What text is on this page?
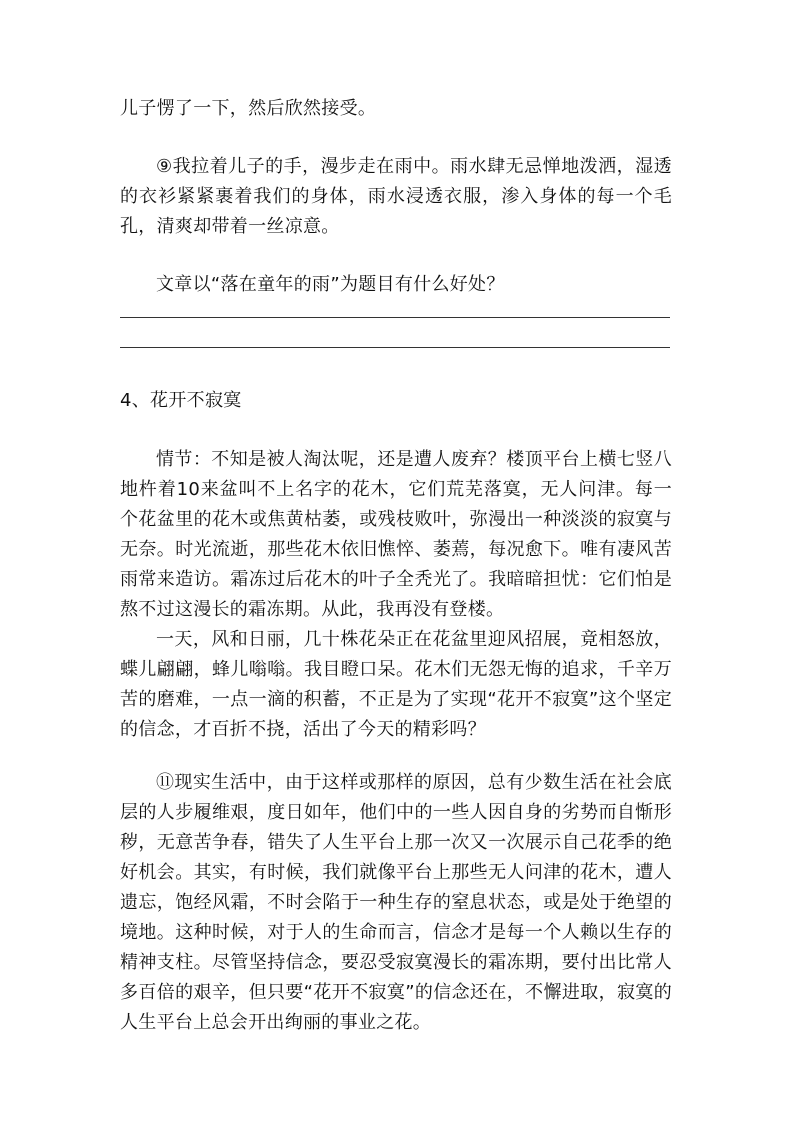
儿子愣了一下，然后欣然接受。

⑨我拉着儿子的手，漫步走在雨中。雨水肆无忌惮地泼洒，湿透的衣衫紧紧裹着我们的身体，雨水浸透衣服，渗入身体的每一个毛孔，清爽却带着一丝凉意。

文章以“落在童年的雨”为题目有什么好处？

4、花开不寂寞

情节：不知是被人淘汰呢，还是遭人废弃？楼顶平台上横七竖八地杵着10来盆叫不上名字的花木，它们荒芜落寞，无人问津。每一个花盆里的花木或焦黄枯萎，或残枝败叶，弥漫出一种淡淡的寂寞与无奈。时光流逝，那些花木依旧憔悴、萎蔫，每况愈下。唯有凄风苦雨常来造访。霜冻过后花木的叶子全秃光了。我暗暗担忧：它们怕是熬不过这漫长的霜冻期。从此，我再没有登楼。

一天，风和日丽，几十株花朵正在花盆里迎风招展，竟相怒放，蝶儿翩翩，蜂儿嗡嗡。我目瞪口呆。花木们无怨无悔的追求，千辛万苦的磨难，一点一滴的积蓄，不正是为了实现“花开不寂寞”这个坚定的信念，才百折不挠，活出了今天的精彩吗？

⑪现实生活中，由于这样或那样的原因，总有少数生活在社会底层的人步履维艰，度日如年，他们中的一些人因自身的劣势而自惭形秽，无意苦争春，错失了人生平台上那一次又一次展示自己花季的绝好机会。其实，有时候，我们就像平台上那些无人问津的花木，遭人遗忘，饱经风霜，不时会陷于一种生存的窒息状态，或是处于绝望的境地。这种时候，对于人的生命而言，信念才是每一个人赖以生存的精神支柱。尽管坚持信念，要忍受寂寞漫长的霜冻期，要付出比常人多百倍的艰辛，但只要“花开不寂寞”的信念还在，不懈进取，寂寞的人生平台上总会开出绚丽的事业之花。
